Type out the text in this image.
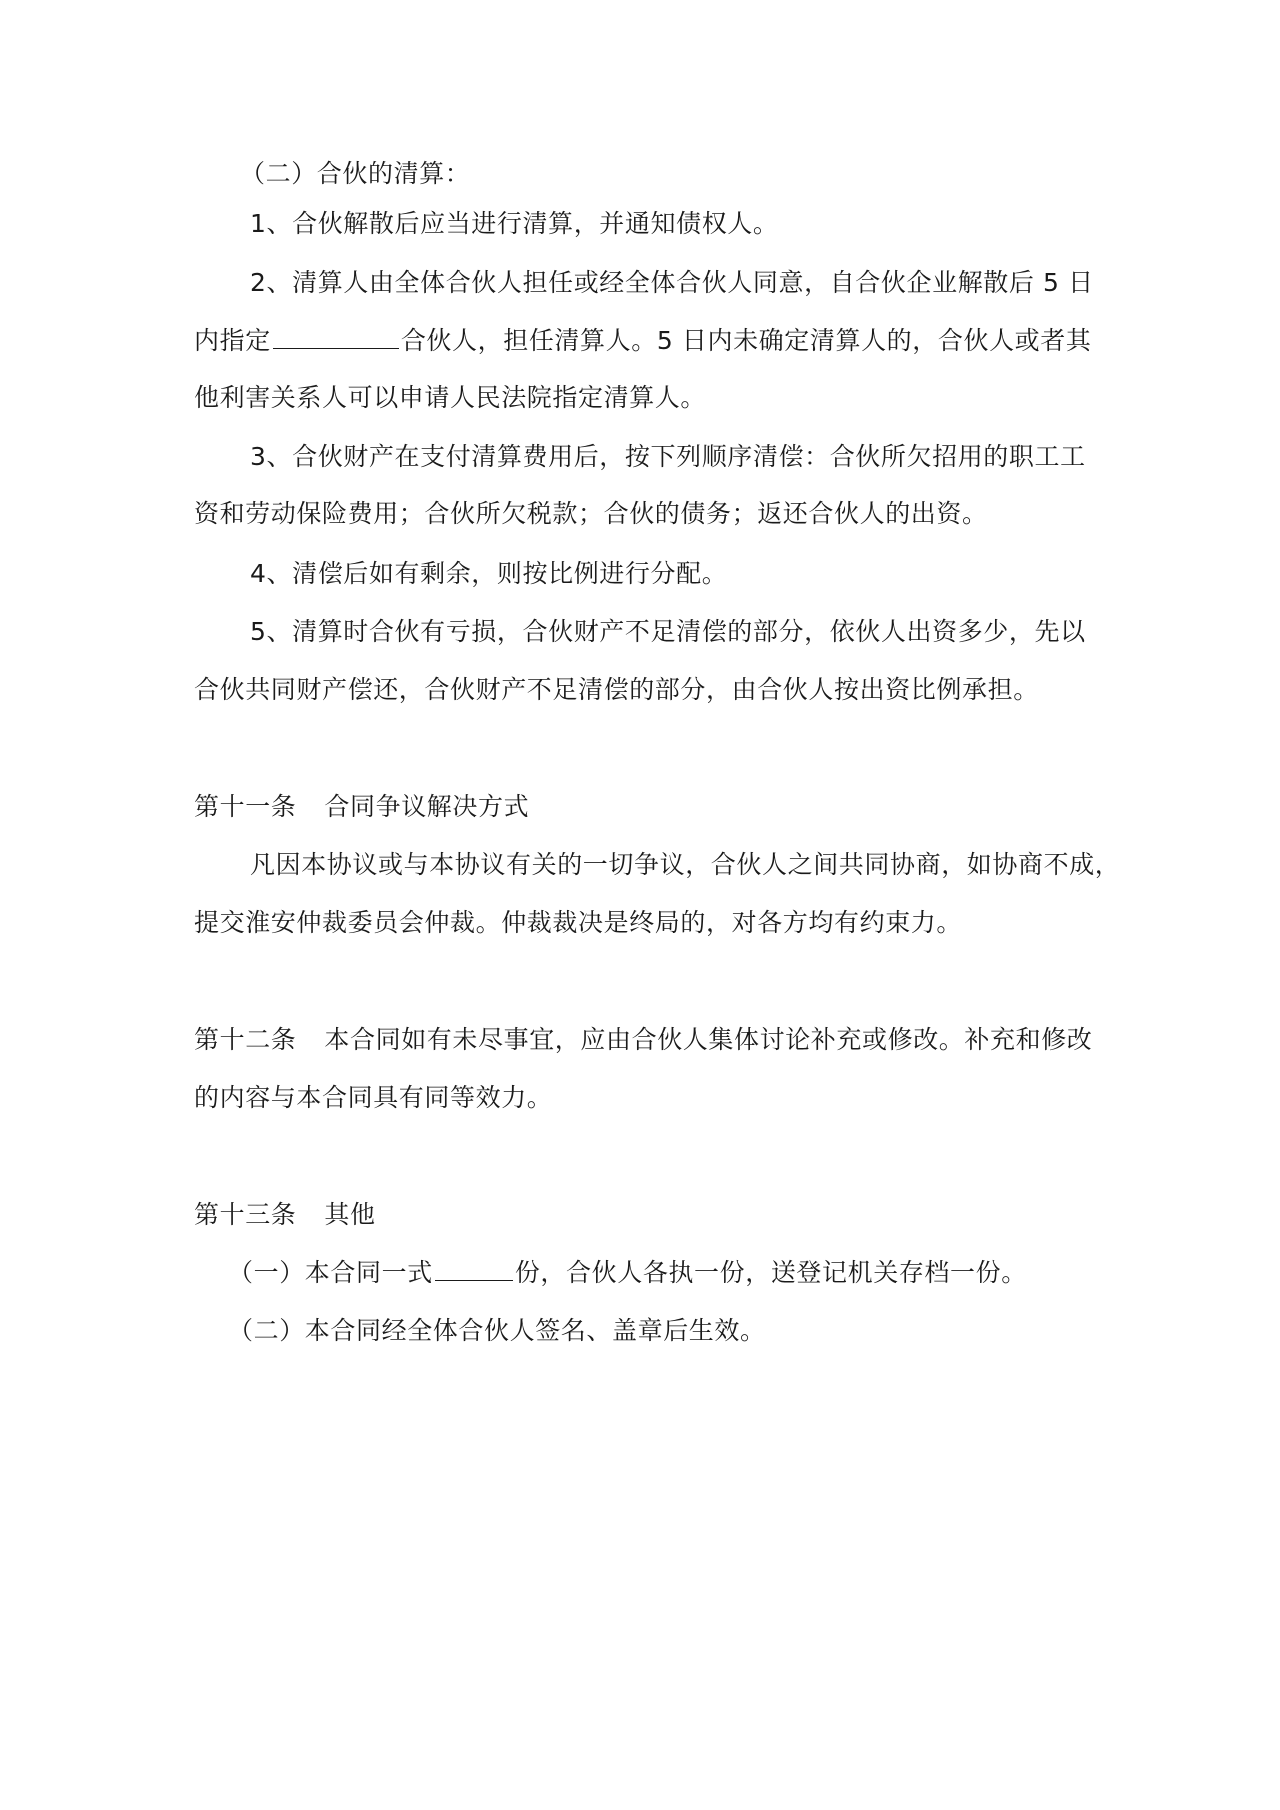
（二）合伙的清算：
1、合伙解散后应当进行清算，并通知债权人。
2、清算人由全体合伙人担任或经全体合伙人同意，自合伙企业解散后 5 日
内指定	合伙人，担任清算人。5 日内未确定清算人的，合伙人或者其
他利害关系人可以申请人民法院指定清算人。
3、合伙财产在支付清算费用后，按下列顺序清偿：合伙所欠招用的职工工
资和劳动保险费用；合伙所欠税款；合伙的债务；返还合伙人的出资。
4、清偿后如有剩余，则按比例进行分配。
5、清算时合伙有亏损，合伙财产不足清偿的部分，依伙人出资多少，先以
合伙共同财产偿还，合伙财产不足清偿的部分，由合伙人按出资比例承担。
第十一条 合同争议解决方式
凡因本协议或与本协议有关的一切争议，合伙人之间共同协商，如协商不成，
提交淮安仲裁委员会仲裁。仲裁裁决是终局的，对各方均有约束力。
第十二条 本合同如有未尽事宜，应由合伙人集体讨论补充或修改。补充和修改
的内容与本合同具有同等效力。
第十三条 其他
（一）本合同一式	份，合伙人各执一份，送登记机关存档一份。
（二）本合同经全体合伙人签名、盖章后生效。
